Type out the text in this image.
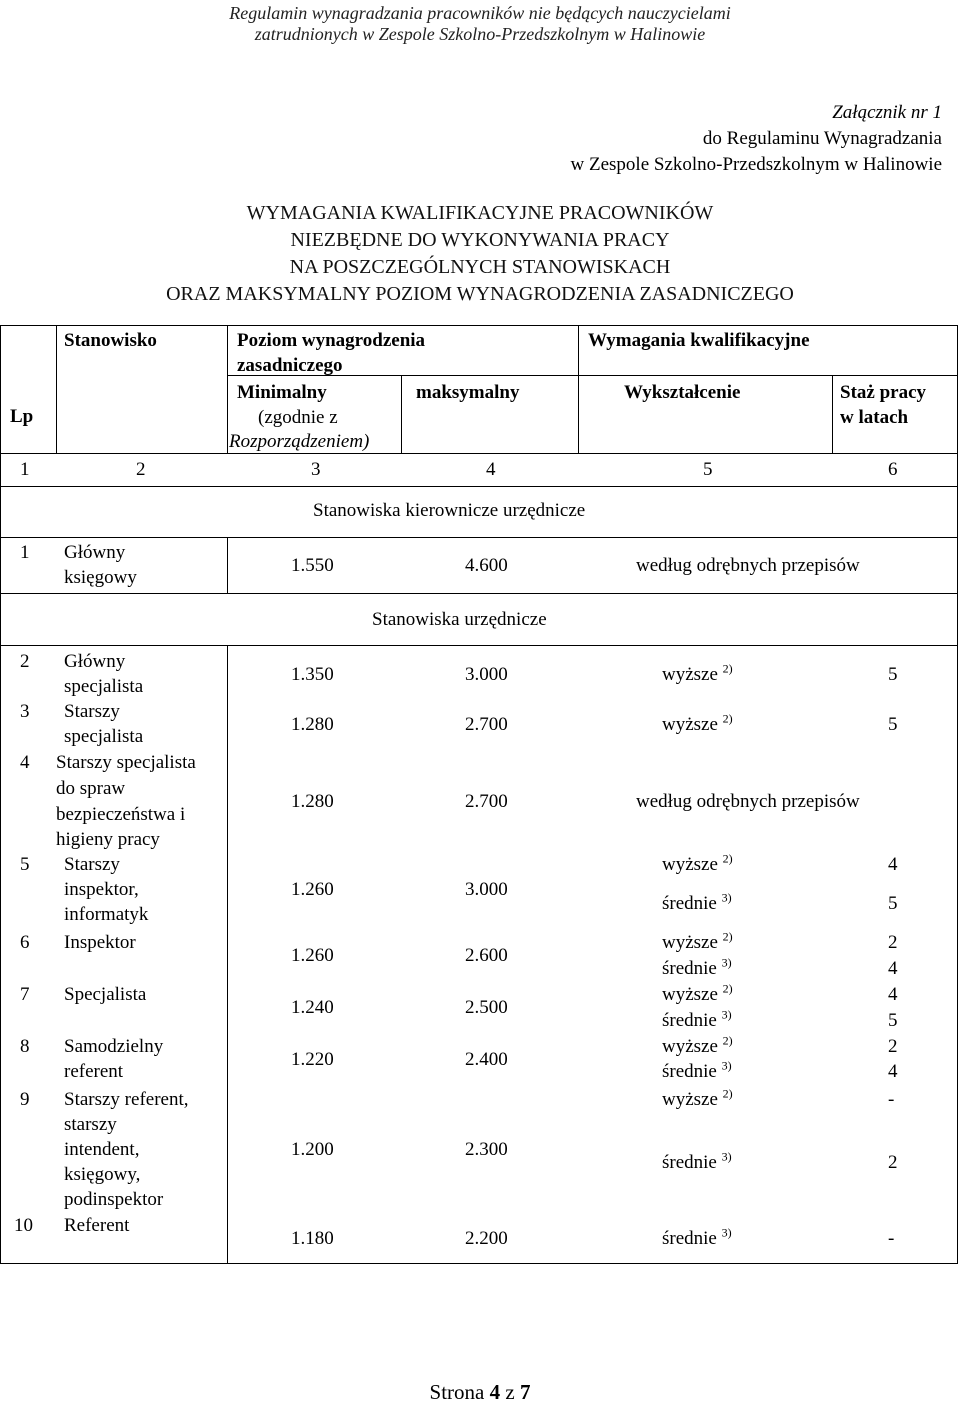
Regulamin wynagradzania pracowników nie będących nauczycielami
zatrudnionych w Zespole Szkolno-Przedszkolnym w Halinowie
Załącznik nr 1
do Regulaminu Wynagradzania
w Zespole Szkolno-Przedszkolnym w Halinowie
WYMAGANIA KWALIFIKACYJNE PRACOWNIKÓW
NIEZBĘDNE DO WYKONYWANIA PRACY
NA POSZCZEGÓLNYCH STANOWISKACH
ORAZ MAKSYMALNY POZIOM WYNAGRODZENIA ZASADNICZEGO
Lp
Stanowisko	Poziom wynagrodzenia
zasadniczego
Wymagania kwalifikacyjne
Minimalny
(zgodnie z
Rozporządzeniem)
maksymalny	Wykształcenie	Staż pracy
w latach
1	2	3	4	5	6
Stanowiska kierownicze urzędnicze
1 Główny
księgowy
1.550	4.600	według odrębnych przepisów
Stanowiska urzędnicze
2 Główny
specjalista
1.350	3.000	wyższe $^{2)}$	5
3 Starszy
specjalista
1.280	2.700	wyższe $^{2)}$	5
4 Starszy specjalista
do spraw
bezpieczeństwa i
higieny pracy
1.280	2.700	według odrębnych przepisów
5 Starszy
inspektor,
informatyk
1.260	3.000
wyższe $^{2)}$	4
średnie $^{3)}$	5
6 Inspektor
1.260	2.600
wyższe $^{2)}$	2
średnie $^{3)}$	4
7 Specjalista
1.240	2.500
wyższe $^{2)}$	4
średnie $^{3)}$	5
8 Samodzielny
referent
1.220	2.400
wyższe $^{2)}$	2
średnie $^{3)}$	4
9 Starszy referent,
starszy
intendent,
księgowy,
podinspektor
1.200	2.300
wyższe $^{2)}$	-
średnie $^{3)}$	2
10 Referent
1.180	2.200	średnie $^{3)}$	-
Strona 4 z 7
